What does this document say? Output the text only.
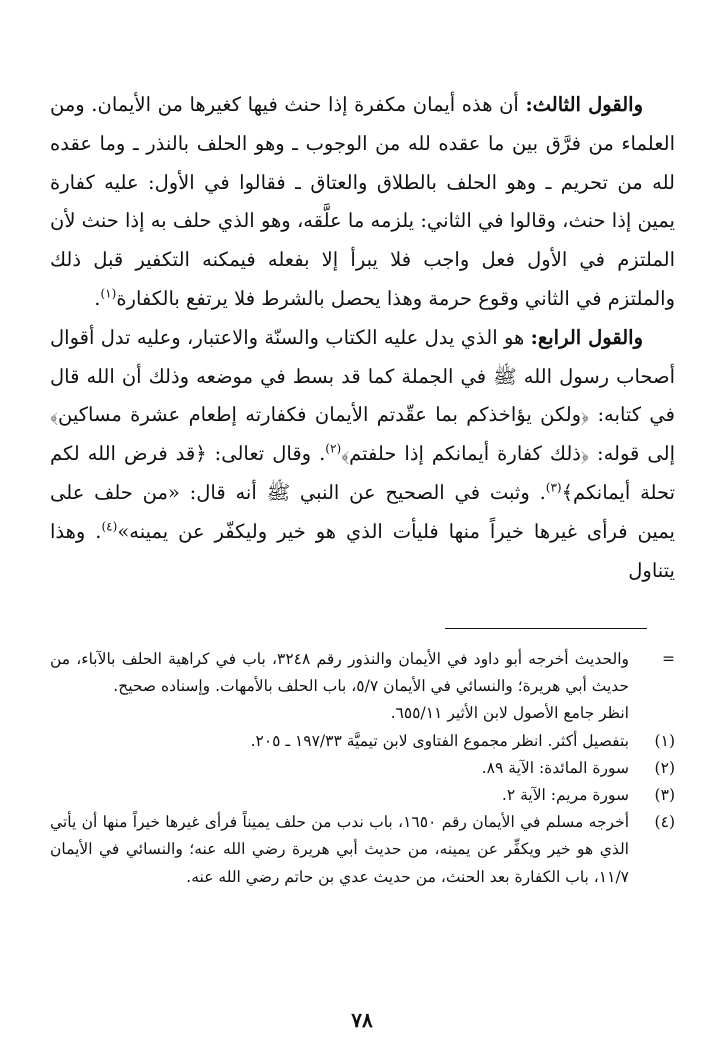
والقول الثالث: أن هذه أيمان مكفرة إذا حنث فيها كغيرها من الأيمان. ومن العلماء من فرَّق بين ما عقده لله من الوجوب ـ وهو الحلف بالنذر ـ وما عقده لله من تحريم ـ وهو الحلف بالطلاق والعتاق ـ فقالوا في الأول: عليه كفارة يمين إذا حنث، وقالوا في الثاني: يلزمه ما علَّقه، وهو الذي حلف به إذا حنث لأن الملتزم في الأول فعل واجب فلا يبرأ إلا بفعله فيمكنه التكفير قبل ذلك والملتزم في الثاني وقوع حرمة وهذا يحصل بالشرط فلا يرتفع بالكفارة$^{(١)}$.

والقول الرابع: هو الذي يدل عليه الكتاب والسنّة والاعتبار، وعليه تدل أقوال أصحاب رسول الله ﷺ في الجملة كما قد بسط في موضعه وذلك أن الله قال في كتابه: ﴿ولكن يؤاخذكم بما عقّدتم الأيمان فكفارته إطعام عشرة مساكين﴾ إلى قوله: ﴿ذلك كفارة أيمانكم إذا حلفتم﴾$^{(٢)}$. وقال تعالى: ﴿قد فرض الله لكم تحلة أيمانكم﴾$^{(٣)}$. وثبت في الصحيح عن النبي ﷺ أنه قال: «من حلف على يمين فرأى غيرها خيراً منها فليأت الذي هو خير وليكفّر عن يمينه»$^{(٤)}$. وهذا يتناول

=
والحديث أخرجه أبو داود في الأيمان والنذور رقم ٣٢٤٨، باب في كراهية الحلف بالآباء، من حديث أبي هريرة؛ والنسائي في الأيمان ٥/٧، باب الحلف بالأمهات. وإسناده صحيح.
انظر جامع الأصول لابن الأثير ٦٥٥/١١.
(١)
بتفصيل أكثر. انظر مجموع الفتاوى لابن تيميَّة ١٩٧/٣٣ ـ ٢٠٥.
(٢)
سورة المائدة: الآية ٨٩.
(٣)
سورة مريم: الآية ٢.
(٤)
أخرجه مسلم في الأيمان رقم ١٦٥٠، باب ندب من حلف يميناً فرأى غيرها خيراً منها أن يأتي الذي هو خير ويكفِّر عن يمينه، من حديث أبي هريرة رضي الله عنه؛ والنسائي في الأيمان ١١/٧، باب الكفارة بعد الحنث، من حديث عدي بن حاتم رضي الله عنه.
٧٨
